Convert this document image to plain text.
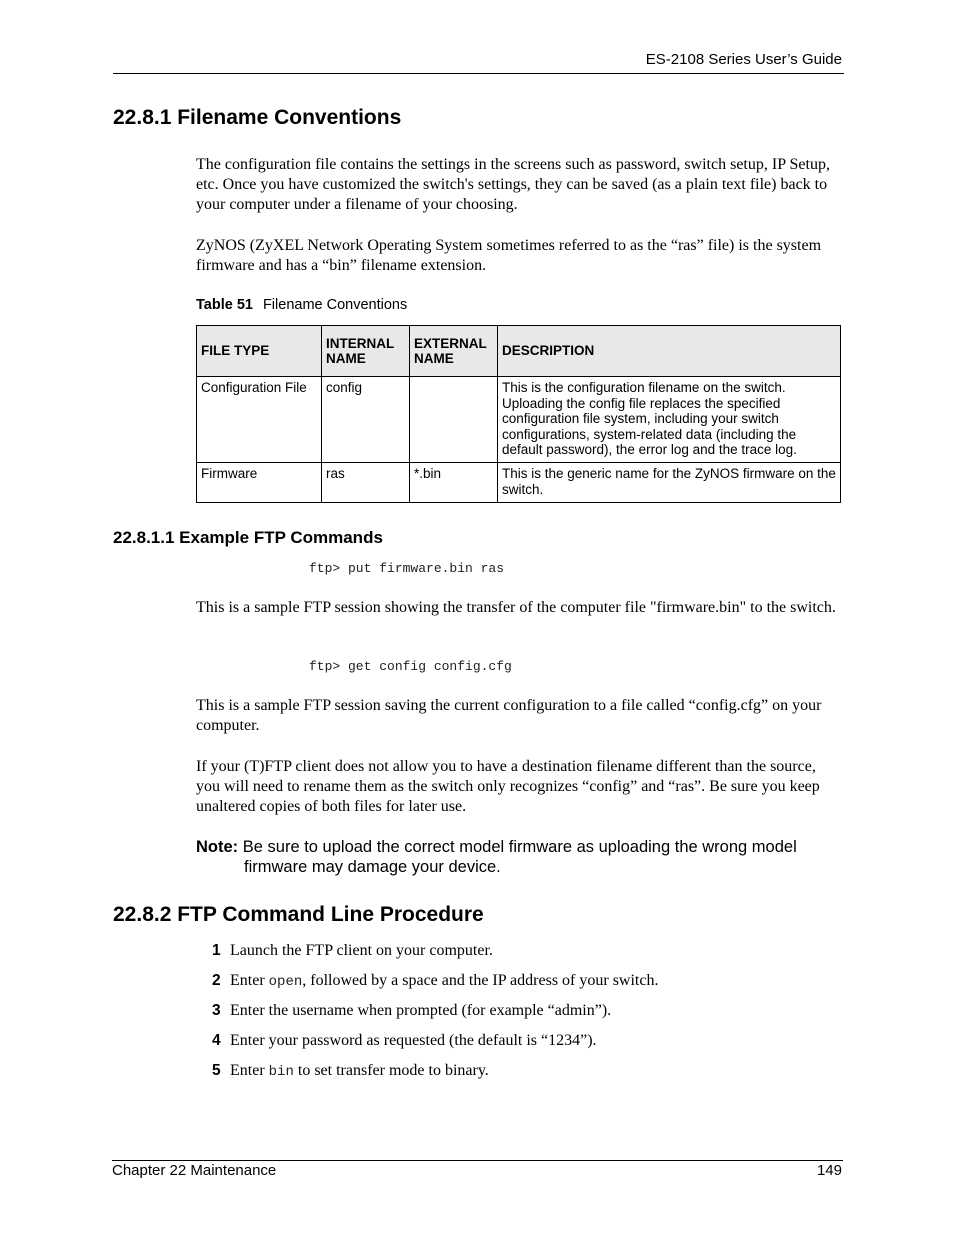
ES-2108 Series User’s Guide
22.8.1 Filename Conventions

The configuration file contains the settings in the screens such as password, switch setup, IP Setup, etc. Once you have customized the switch's settings, they can be saved (as a plain text file) back to your computer under a filename of your choosing.

ZyNOS (ZyXEL Network Operating System sometimes referred to as the “ras” file) is the system firmware and has a “bin” filename extension.

Table 51 Filename Conventions
FILE TYPE	INTERNAL NAME	EXTERNAL NAME	DESCRIPTION
Configuration File	config		This is the configuration filename on the switch. Uploading the config file replaces the specified configuration file system, including your switch configurations, system-related data (including the default password), the error log and the trace log.
Firmware	ras	*.bin	This is the generic name for the ZyNOS firmware on the switch.
22.8.1.1 Example FTP Commands
ftp> put firmware.bin ras

This is a sample FTP session showing the transfer of the computer file "firmware.bin" to the switch.

ftp> get config config.cfg

This is a sample FTP session saving the current configuration to a file called “config.cfg” on your computer.

If your (T)FTP client does not allow you to have a destination filename different than the source, you will need to rename them as the switch only recognizes “config” and “ras”. Be sure you keep unaltered copies of both files for later use.

Note: Be sure to upload the correct model firmware as uploading the wrong model
firmware may damage your device.
22.8.2 FTP Command Line Procedure
1 Launch the FTP client on your computer.
2 Enter open, followed by a space and the IP address of your switch.
3 Enter the username when prompted (for example “admin”).
4 Enter your password as requested (the default is “1234”).
5 Enter bin to set transfer mode to binary.
Chapter 22 Maintenance	149
